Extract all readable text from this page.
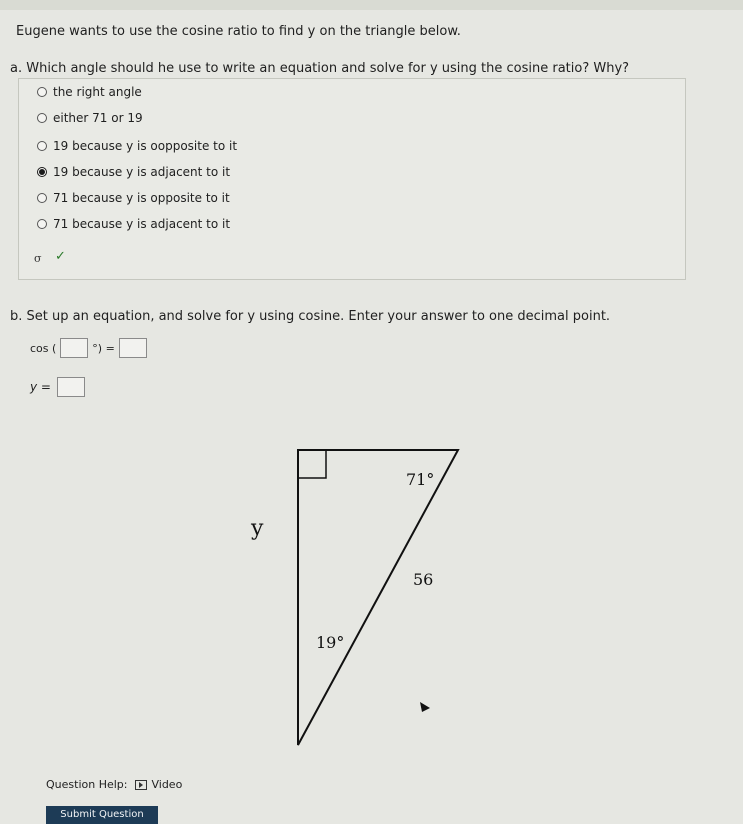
Eugene wants to use the cosine ratio to find y on the triangle below.
a. Which angle should he use to write an equation and solve for y using the cosine ratio? Why?
the right angle
either 71 or 19
19 because y is oopposite to it
19 because y is adjacent to it
71 because y is opposite to it
71 because y is adjacent to it
σ ✓
b. Set up an equation, and solve for y using cosine. Enter your answer to one decimal point.
cos (	°) =
y =
71°
y
56
19°
Question Help: Video
Submit Question
